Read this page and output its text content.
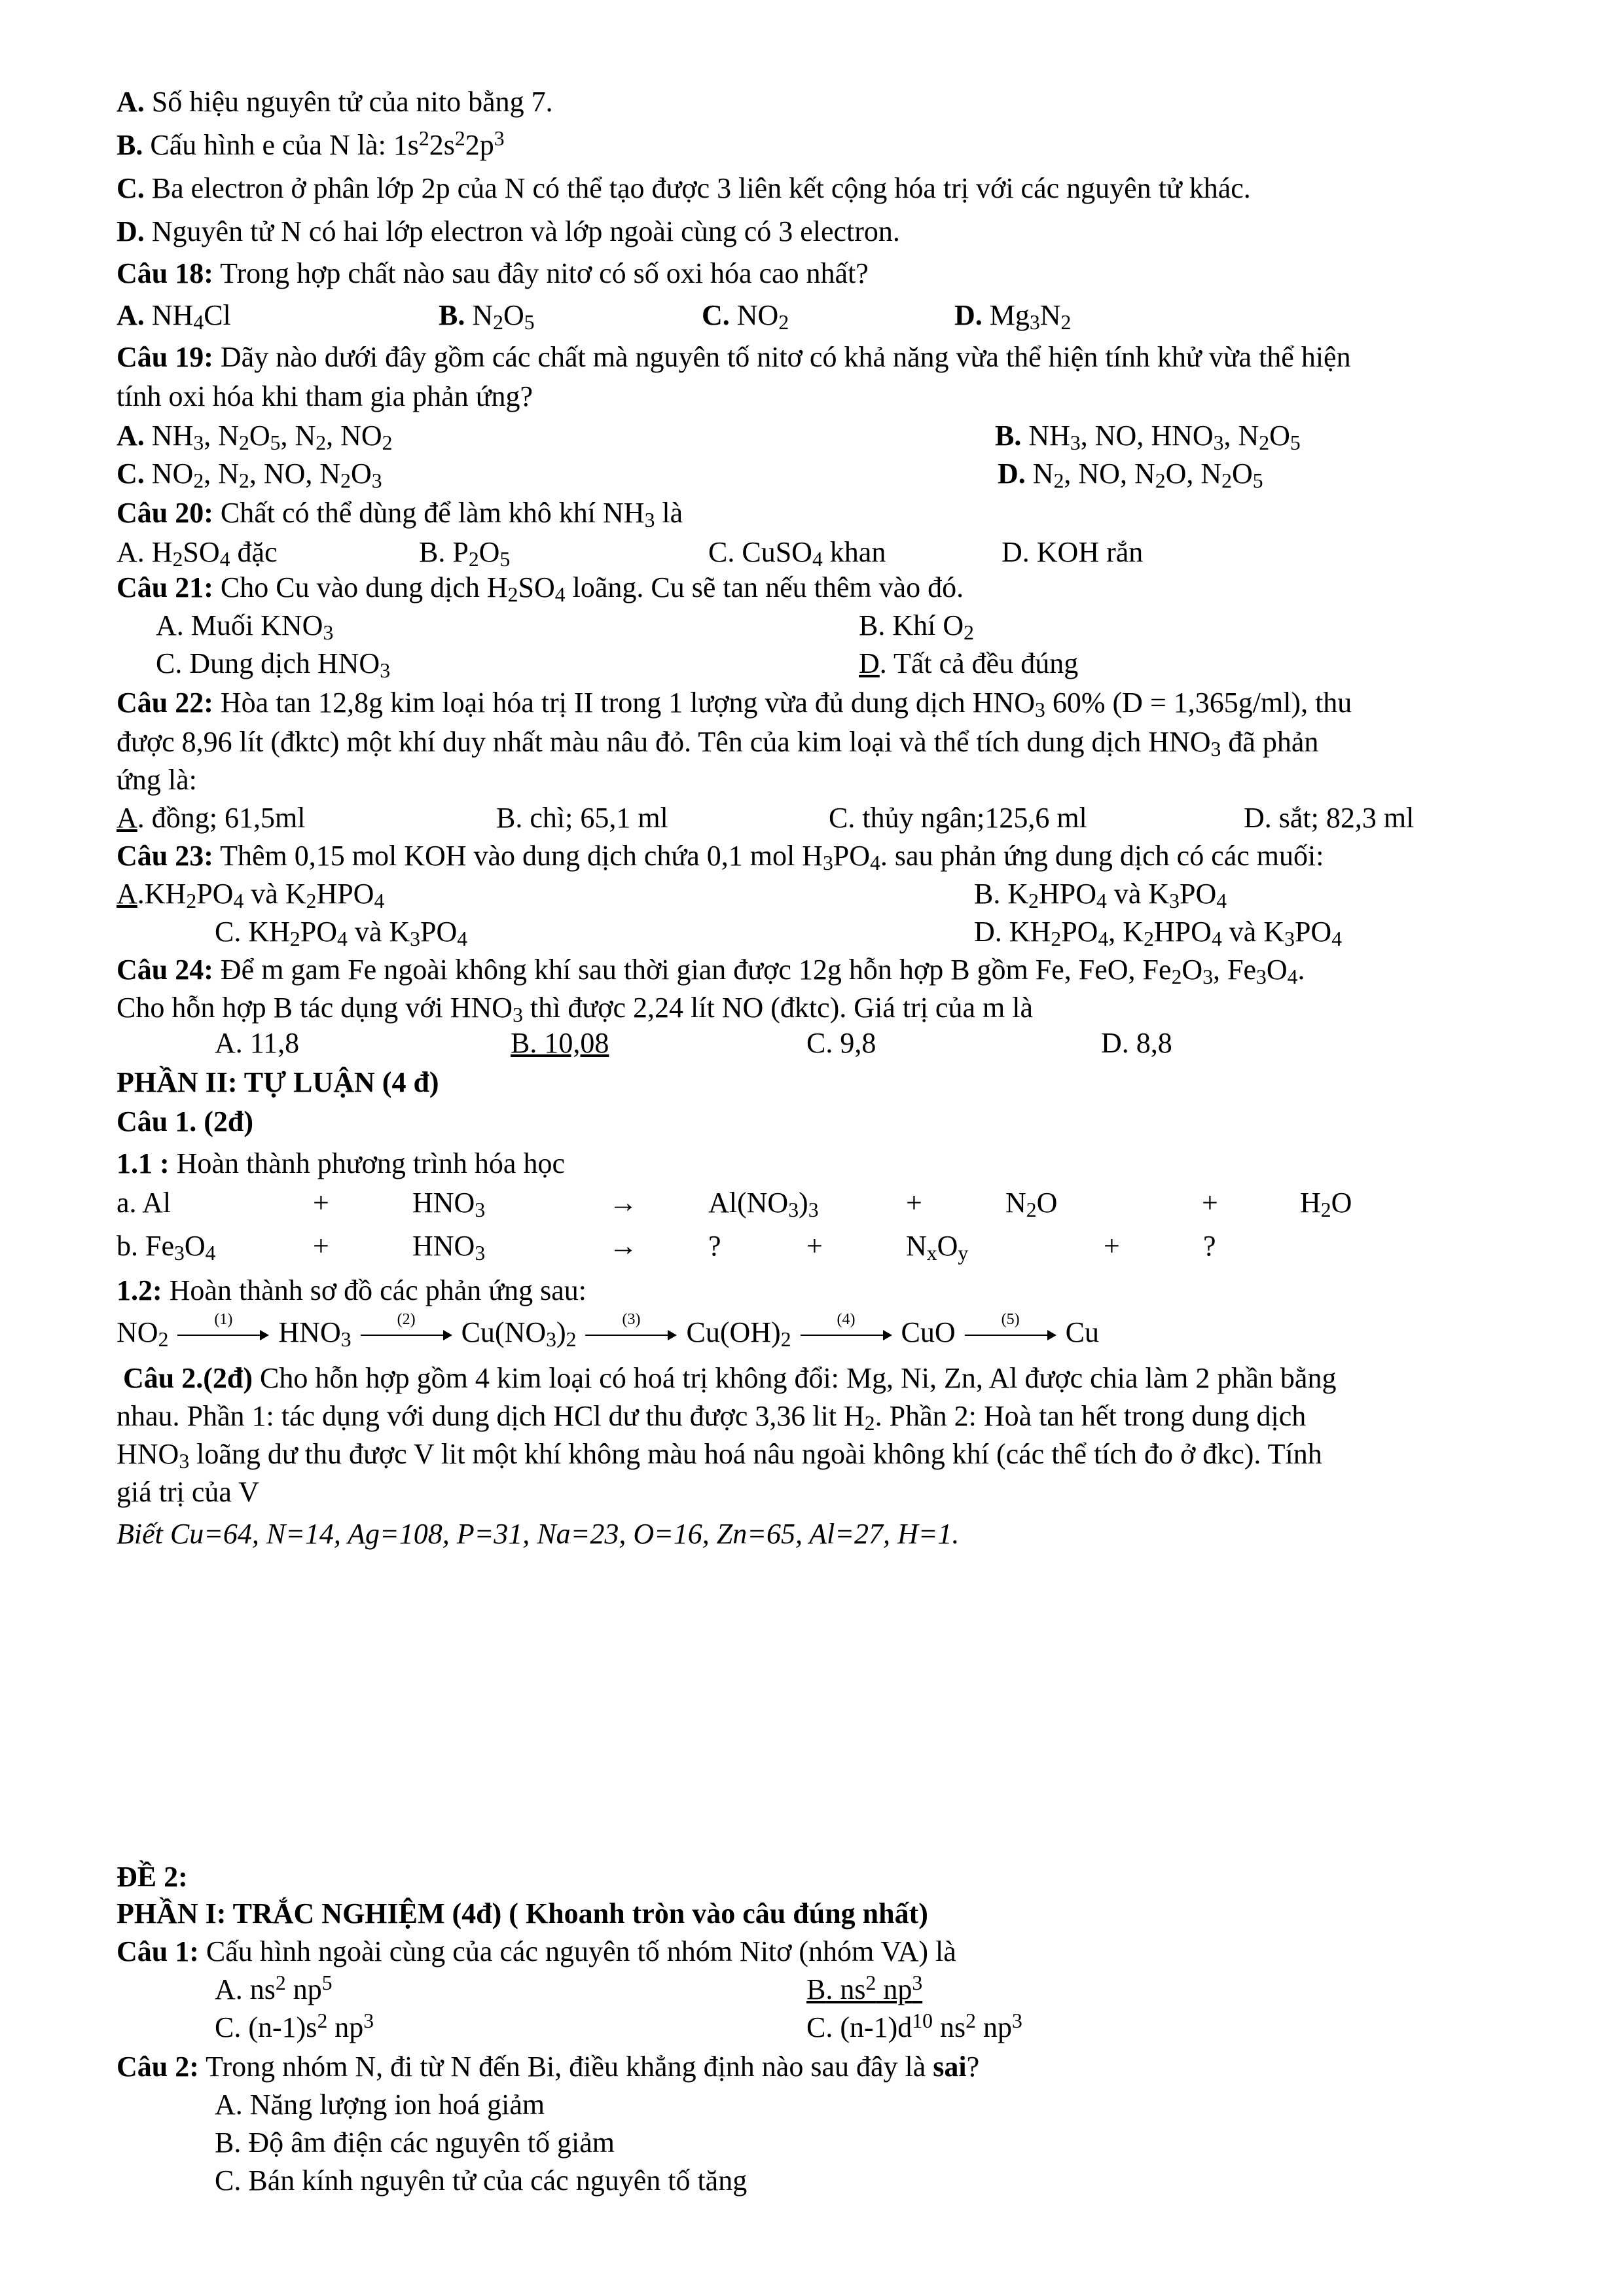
A. Số hiệu nguyên tử của nito bằng 7.
B. Cấu hình e của N là: $1s^22s^22p^3$
C. Ba electron ở phân lớp 2p của N có thể tạo được 3 liên kết cộng hóa trị với các nguyên tử khác.
D. Nguyên tử N có hai lớp electron và lớp ngoài cùng có 3 electron.
Câu 18: Trong hợp chất nào sau đây nitơ có số oxi hóa cao nhất?
A. $NH_4Cl$	B. $N_2O_5$	C. $NO_2$	D. $Mg_3N_2$
Câu 19: Dãy nào dưới đây gồm các chất mà nguyên tố nitơ có khả năng vừa thể hiện tính khử vừa thể hiện
tính oxi hóa khi tham gia phản ứng?
A. $NH_3$, $N_2O_5$, $N_2$, $NO_2$	B. $NH_3$, NO, $HNO_3$, $N_2O_5$
C. $NO_2$, $N_2$, NO, $N_2O_3$	D. $N_2$, NO, $N_2O$, $N_2O_5$
Câu 20: Chất có thể dùng để làm khô khí $NH_3$ là
A. $H_2SO_4$ đặc	B. $P_2O_5$	C. CuSO$_4$ khan	D. KOH rắn
Câu 21: Cho Cu vào dung dịch $H_2SO_4$ loãng. Cu sẽ tan nếu thêm vào đó.
A. Muối $KNO_3$	B. Khí $O_2$
C. Dung dịch $HNO_3$	D. Tất cả đều đúng
Câu 22: Hòa tan 12,8g kim loại hóa trị II trong 1 lượng vừa đủ dung dịch $HNO_3$ 60% (D = 1,365g/ml), thu
được 8,96 lít (đktc) một khí duy nhất màu nâu đỏ. Tên của kim loại và thể tích dung dịch $HNO_3$ đã phản
ứng là:
A. đồng; 61,5ml	B. chì; 65,1 ml	C. thủy ngân;125,6 ml	D. sắt; 82,3 ml
Câu 23: Thêm 0,15 mol KOH vào dung dịch chứa 0,1 mol $H_3PO_4$. sau phản ứng dung dịch có các muối:
$A.KH_2PO_4$ và $K_2HPO_4$	B. $K_2HPO_4$ và $K_3PO_4$
C. $KH_2PO_4$ và $K_3PO_4$	D. $KH_2PO_4$, $K_2HPO_4$ và $K_3PO_4$
Câu 24: Để m gam Fe ngoài không khí sau thời gian được 12g hỗn hợp B gồm Fe, FeO, $Fe_2O_3$, $Fe_3O_4$.
Cho hỗn hợp B tác dụng với $HNO_3$ thì được 2,24 lít NO (đktc). Giá trị của m là
A. 11,8	B. 10,08	C. 9,8	D. 8,8
PHẦN II: TỰ LUẬN (4 đ)
Câu 1. (2đ)
1.1 : Hoàn thành phương trình hóa học
a. Al	+	$HNO_3$	→ $Al(NO_3)_3$	+	$N_2O$	+	$H_2O$
b. $Fe_3O_4$	+	$HNO_3$	→ ?	+	$N_xO_y$	+	?
1.2: Hoàn thành sơ đồ các phản ứng sau:
$NO_2$
(1)	$HNO_3$
(2)	$Cu(NO_3)_2$
(3)	$Cu(OH)_2$
(4)	CuO	(5)	Cu
Câu 2.(2đ) Cho hỗn hợp gồm 4 kim loại có hoá trị không đổi: Mg, Ni, Zn, Al được chia làm 2 phần bằng
nhau. Phần 1: tác dụng với dung dịch HCl dư thu được 3,36 lit $H_2$. Phần 2: Hoà tan hết trong dung dịch
$HNO_3$ loãng dư thu được V lit một khí không màu hoá nâu ngoài không khí (các thể tích đo ở đkc). Tính
giá trị của V
Biết Cu=64, N=14, Ag=108, P=31, Na=23, O=16, Zn=65, Al=27, H=1.
ĐỀ 2:
PHẦN I: TRẮC NGHIỆM (4đ) ( Khoanh tròn vào câu đúng nhất)
Câu 1: Cấu hình ngoài cùng của các nguyên tố nhóm Nitơ (nhóm VA) là
A. $ns^2$ $np^5$	B. $ns^2$ $np^3$
C. $(n-1)s^2$ $np^3$	C. $(n-1)d^{10}$ $ns^2$ $np^3$
Câu 2: Trong nhóm N, đi từ N đến Bi, điều khẳng định nào sau đây là sai?
A. Năng lượng ion hoá giảm
B. Độ âm điện các nguyên tố giảm
C. Bán kính nguyên tử của các nguyên tố tăng
